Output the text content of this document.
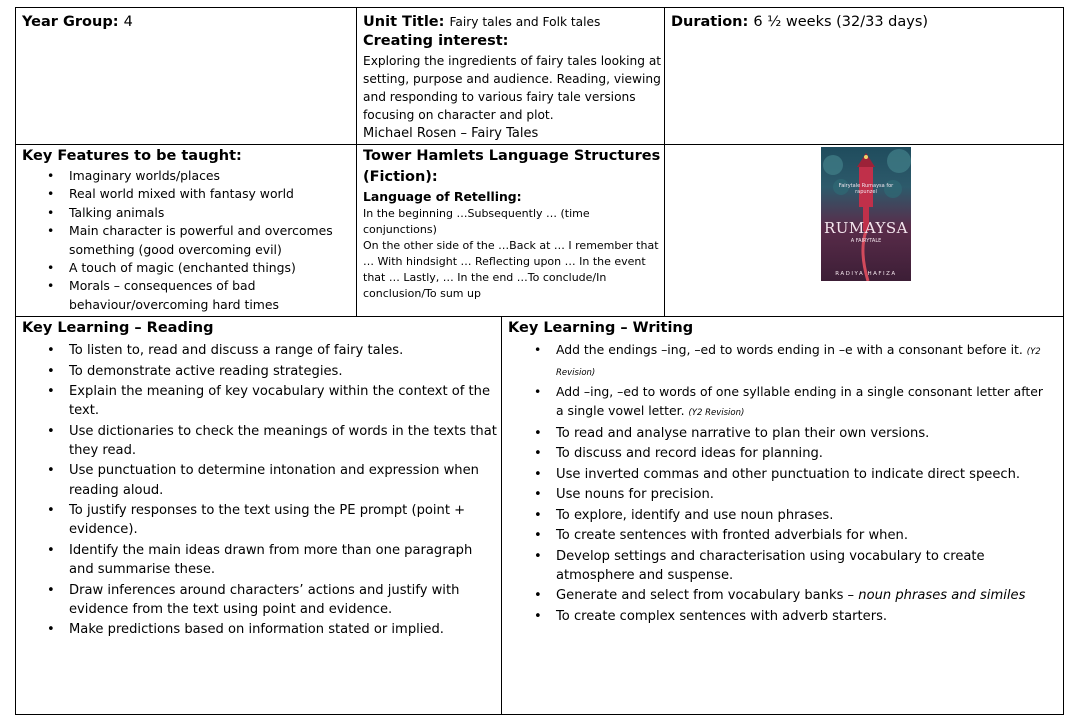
Year Group: 4	Unit Title: Fairy tales and Folk tales
Creating interest:
Exploring the ingredients of fairy tales looking at
setting, purpose and audience. Reading, viewing
and responding to various fairy tale versions
focusing on character and plot.
Michael Rosen – Fairy Tales
Duration: 6 ½ weeks (32/33 days)
Key Features to be taught:
• Imaginary worlds/places
• Real world mixed with fantasy world
• Talking animals
• Main character is powerful and overcomes something (good overcoming evil)
• A touch of magic (enchanted things)
• Morals – consequences of bad behaviour/overcoming hard times
Tower Hamlets Language Structures
(Fiction):
Language of Retelling:
In the beginning …Subsequently … (time conjunctions)
On the other side of the …Back at … I remember that
… With hindsight … Reflecting upon … In the event
that … Lastly, … In the end …To conclude/In
conclusion/To sum up
Fairytale Rumaysa for rapunzel
RUMAYSA
A FAIRYTALE
RADIYA HAFIZA
Key Learning – Reading
• To listen to, read and discuss a range of fairy tales.
• To demonstrate active reading strategies.
• Explain the meaning of key vocabulary within the context of the text.
• Use dictionaries to check the meanings of words in the texts that they read.
• Use punctuation to determine intonation and expression when reading aloud.
• To justify responses to the text using the PE prompt (point + evidence).
• Identify the main ideas drawn from more than one paragraph and summarise these.
• Draw inferences around characters’ actions and justify with evidence from the text using point and evidence.
• Make predictions based on information stated or implied.
Key Learning – Writing
• Add the endings –ing, –ed to words ending in –e with a consonant before it. (Y2 Revision)
• Add –ing, –ed to words of one syllable ending in a single consonant letter after a single vowel letter. (Y2 Revision)
• To read and analyse narrative to plan their own versions.
• To discuss and record ideas for planning.
• Use inverted commas and other punctuation to indicate direct speech.
• Use nouns for precision.
• To explore, identify and use noun phrases.
• To create sentences with fronted adverbials for when.
• Develop settings and characterisation using vocabulary to create atmosphere and suspense.
• Generate and select from vocabulary banks – noun phrases and similes
• To create complex sentences with adverb starters.
